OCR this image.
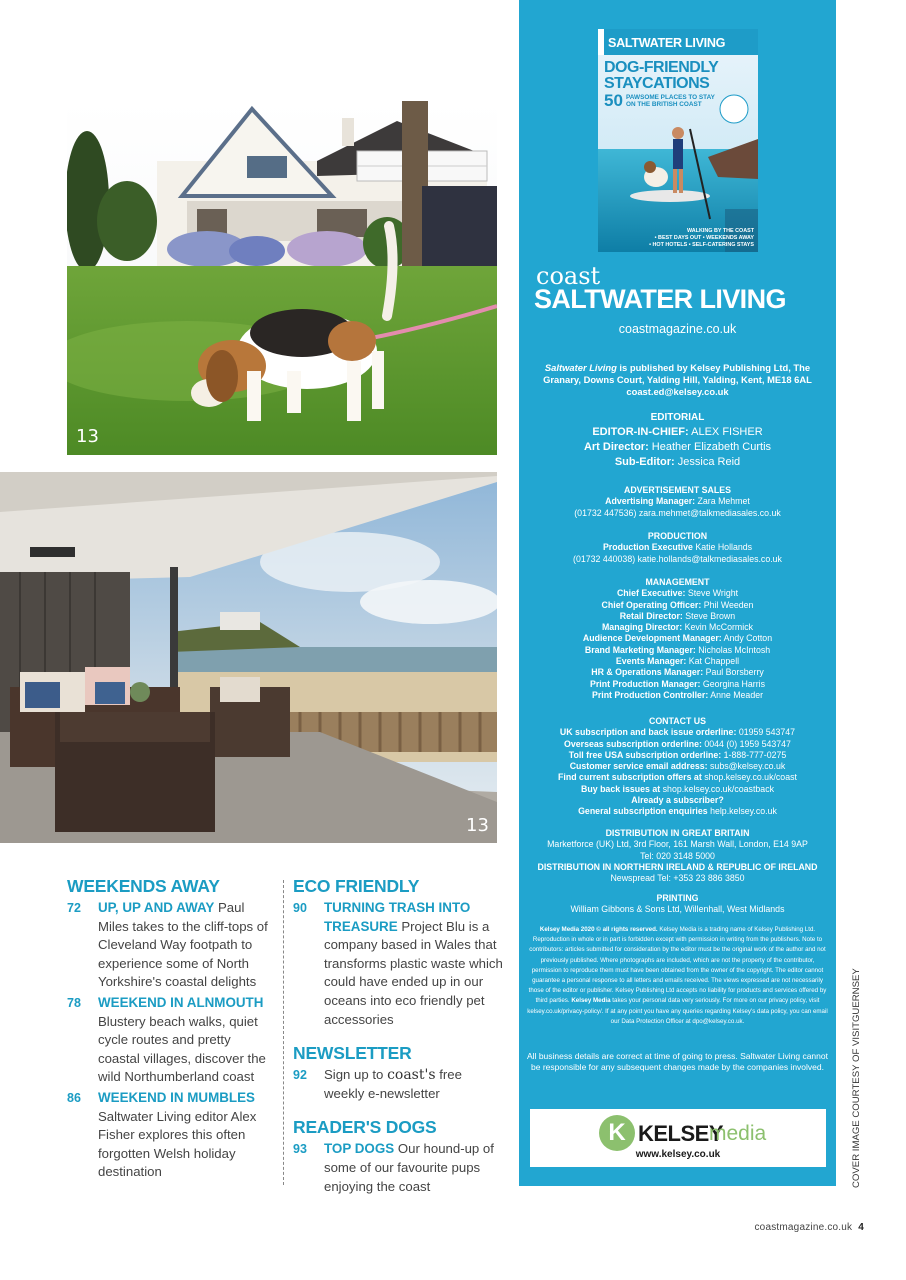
13
13
WEEKENDS AWAY
72 UP, UP AND AWAY Paul Miles takes to the cliff-tops of Cleveland Way footpath to experience some of North Yorkshire's coastal delights
78 WEEKEND IN ALNMOUTH Blustery beach walks, quiet cycle routes and pretty coastal villages, discover the wild Northumberland coast
86 WEEKEND IN MUMBLES Saltwater Living editor Alex Fisher explores this often forgotten Welsh holiday destination
ECO FRIENDLY
90 TURNING TRASH INTO TREASURE Project Blu is a company based in Wales that transforms plastic waste which could have ended up in our oceans into eco friendly pet accessories
NEWSLETTER
92 Sign up to coast's free weekly e-newsletter
READER'S DOGS
93 TOP DOGS Our hound-up of some of our favourite pups enjoying the coast
SALTWATER LIVING
DOG-FRIENDLY
STAYCATIONS
50 PAWSOME PLACES TO STAY
ON THE BRITISH COAST
WALKING BY THE COAST
• BEST DAYS OUT • WEEKENDS AWAY
• HOT HOTELS • SELF-CATERING STAYS
coast
SALTWATER LIVING
coastmagazine.co.uk
Saltwater Living is published by Kelsey Publishing Ltd, The Granary, Downs Court, Yalding Hill, Yalding, Kent, ME18 6AL
coast.ed@kelsey.co.uk
EDITORIAL
EDITOR-IN-CHIEF: ALEX FISHER
Art Director: Heather Elizabeth Curtis
Sub-Editor: Jessica Reid
ADVERTISEMENT SALES
Advertising Manager: Zara Mehmet
(01732 447536) zara.mehmet@talkmediasales.co.uk
PRODUCTION
Production Executive Katie Hollands
(01732 440038) katie.hollands@talkmediasales.co.uk
MANAGEMENT
Chief Executive: Steve Wright
Chief Operating Officer: Phil Weeden
Retail Director: Steve Brown
Managing Director: Kevin McCormick
Audience Development Manager: Andy Cotton
Brand Marketing Manager: Nicholas McIntosh
Events Manager: Kat Chappell
HR & Operations Manager: Paul Borsberry
Print Production Manager: Georgina Harris
Print Production Controller: Anne Meader
CONTACT US
UK subscription and back issue orderline: 01959 543747
Overseas subscription orderline: 0044 (0) 1959 543747
Toll free USA subscription orderline: 1-888-777-0275
Customer service email address: subs@kelsey.co.uk
Find current subscription offers at shop.kelsey.co.uk/coast
Buy back issues at shop.kelsey.co.uk/coastback
Already a subscriber?
General subscription enquiries help.kelsey.co.uk
DISTRIBUTION IN GREAT BRITAIN
Marketforce (UK) Ltd, 3rd Floor, 161 Marsh Wall, London, E14 9AP
Tel: 020 3148 5000
DISTRIBUTION IN NORTHERN IRELAND & REPUBLIC OF IRELAND
Newspread Tel: +353 23 886 3850
PRINTING
William Gibbons & Sons Ltd, Willenhall, West Midlands
Kelsey Media 2020 © all rights reserved. Kelsey Media is a trading name of Kelsey Publishing Ltd. Reproduction in whole or in part is forbidden except with permission in writing from the publishers. Note to contributors: articles submitted for consideration by the editor must be the original work of the author and not previously published. Where photographs are included, which are not the property of the contributor, permission to reproduce them must have been obtained from the owner of the copyright. The editor cannot guarantee a personal response to all letters and emails received. The views expressed are not necessarily those of the editor or publisher. Kelsey Publishing Ltd accepts no liability for products and services offered by third parties. Kelsey Media takes your personal data very seriously. For more on our privacy policy, visit kelsey.co.uk/privacy-policy/. If at any point you have any queries regarding Kelsey's data policy, you can email our Data Protection Officer at dpo@kelsey.co.uk.
All business details are correct at time of going to press. Saltwater Living cannot be responsible for any subsequent changes made by the companies involved.
K KELSEY
media
www.kelsey.co.uk	COVER IMAGE COURTESY OF VISITGUERNSEY
coastmagazine.co.uk 4
